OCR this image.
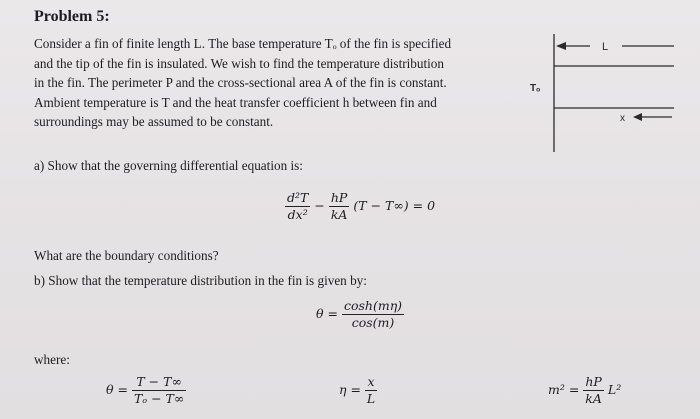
Problem 5:
Consider a fin of finite length L. The base temperature Tₒ of the fin is specified
and the tip of the fin is insulated. We wish to find the temperature distribution
in the fin. The perimeter P and the cross-sectional area A of the fin is constant.
Ambient temperature is T and the heat transfer coefficient h between fin and
surroundings may be assumed to be constant.
L
Tₒ
x
a) Show that the governing differential equation is:
$\frac{\text{d²T}}{\text{dx²}} - \frac{hP}{kA} (T - T\infty) = 0$
What are the boundary conditions?
b) Show that the temperature distribution in the fin is given by:
$\theta = \frac{\cosh(m\eta)}{\cos(m)}$
where:
$\theta = \frac{T - T\infty}{\text{Tₒ − T∞}}$	$\eta = \frac{x}{L}$	$m^2 = \frac{hP}{kA} L^2$
